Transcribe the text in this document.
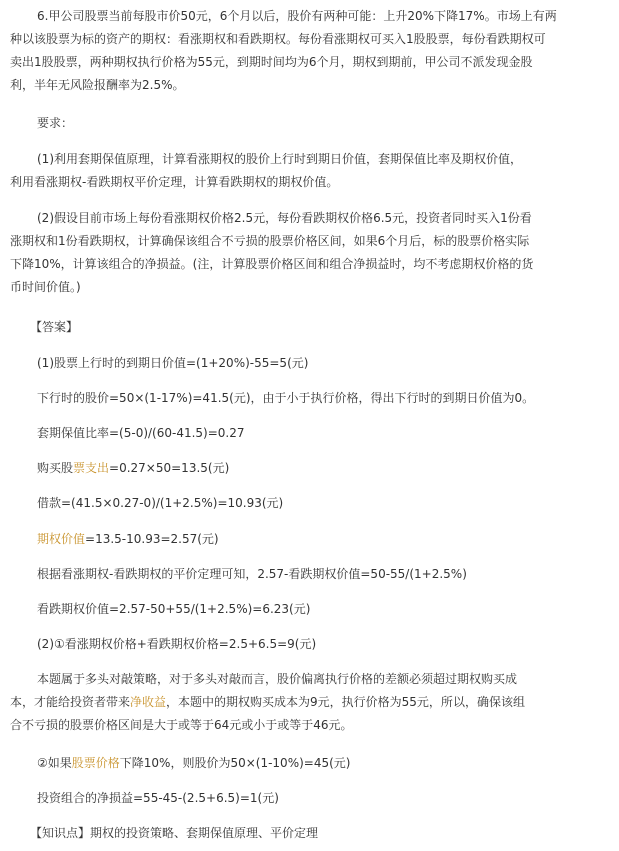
6.甲公司股票当前每股市价50元，6个月以后，股价有两种可能：上升20%下降17%。市场上有两
种以该股票为标的资产的期权：看涨期权和看跌期权。每份看涨期权可买入1股股票，每份看跌期权可
卖出1股股票，两种期权执行价格为55元，到期时间均为6个月，期权到期前，甲公司不派发现金股
利，半年无风险报酬率为2.5%。
要求：
(1)利用套期保值原理，计算看涨期权的股价上行时到期日价值，套期保值比率及期权价值，
利用看涨期权-看跌期权平价定理，计算看跌期权的期权价值。
(2)假设目前市场上每份看涨期权价格2.5元，每份看跌期权价格6.5元，投资者同时买入1份看
涨期权和1份看跌期权，计算确保该组合不亏损的股票价格区间，如果6个月后，标的股票价格实际
下降10%，计算该组合的净损益。(注，计算股票价格区间和组合净损益时，均不考虑期权价格的货
币时间价值。)
【答案】
(1)股票上行时的到期日价值=(1+20%)-55=5(元)
下行时的股价=50×(1-17%)=41.5(元)，由于小于执行价格，得出下行时的到期日价值为0。
套期保值比率=(5-0)/(60-41.5)=0.27
购买股票支出=0.27×50=13.5(元)
借款=(41.5×0.27-0)/(1+2.5%)=10.93(元)
期权价值=13.5-10.93=2.57(元)
根据看涨期权-看跌期权的平价定理可知，2.57-看跌期权价值=50-55/(1+2.5%)
看跌期权价值=2.57-50+55/(1+2.5%)=6.23(元)
(2)①看涨期权价格+看跌期权价格=2.5+6.5=9(元)
本题属于多头对敲策略，对于多头对敲而言，股价偏离执行价格的差额必须超过期权购买成
本，才能给投资者带来净收益，本题中的期权购买成本为9元，执行价格为55元，所以，确保该组
合不亏损的股票价格区间是大于或等于64元或小于或等于46元。
②如果股票价格下降10%，则股价为50×(1-10%)=45(元)
投资组合的净损益=55-45-(2.5+6.5)=1(元)
【知识点】期权的投资策略、套期保值原理、平价定理
